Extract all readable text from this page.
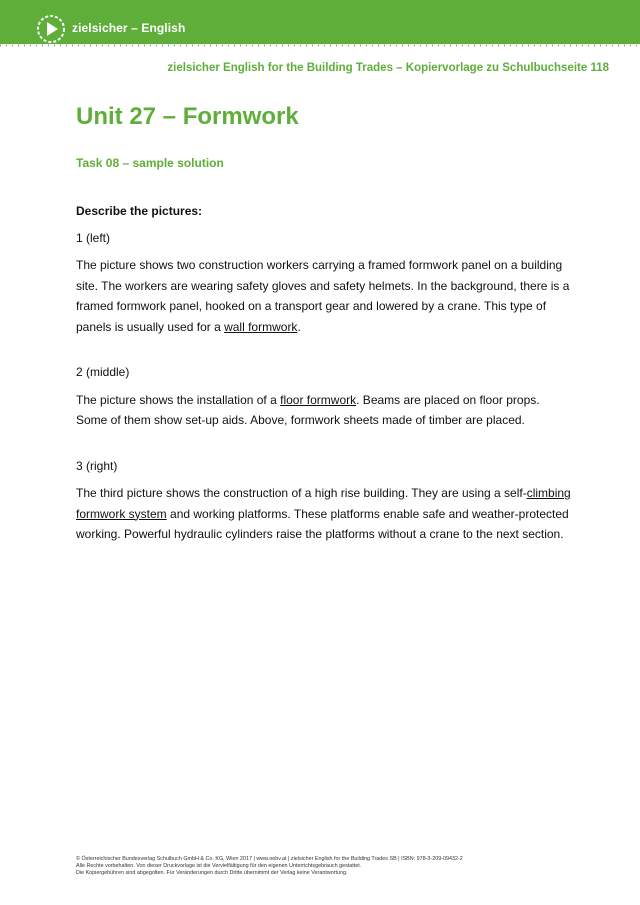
zielsicher – English
zielsicher English for the Building Trades – Kopiervorlage zu Schulbuchseite 118
Unit 27 – Formwork
Task 08 – sample solution

Describe the pictures:

1 (left)

The picture shows two construction workers carrying a framed formwork panel on a building site. The workers are wearing safety gloves and safety helmets. In the background, there is a framed formwork panel, hooked on a transport gear and lowered by a crane. This type of panels is usually used for a wall formwork.

2 (middle)

The picture shows the installation of a floor formwork. Beams are placed on floor props. Some of them show set-up aids. Above, formwork sheets made of timber are placed.

3 (right)

The third picture shows the construction of a high rise building. They are using a self-climbing formwork system and working platforms. These platforms enable safe and weather-protected working. Powerful hydraulic cylinders raise the platforms without a crane to the next section.

© Österreichischer Bundesverlag Schulbuch GmbH & Co. KG, Wien 2017 | www.oebv.at | zielsicher English for the Building Trades SB | ISBN: 978-3-209-09432-2
Alle Rechte vorbehalten. Von dieser Druckvorlage ist die Vervielfältigung für den eigenen Unterrichtsgebrauch gestattet.
Die Kopiergebühren sind abgegolten. Für Veränderungen durch Dritte übernimmt der Verlag keine Verantwortung.
